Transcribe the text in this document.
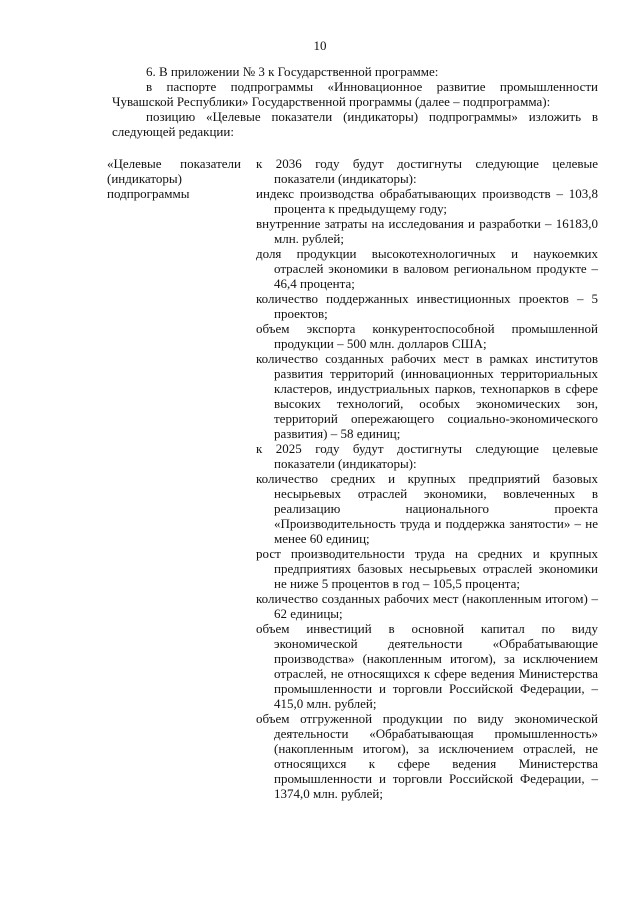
10

6. В приложении № 3 к Государственной программе:

в паспорте подпрограммы «Инновационное развитие промышленности Чувашской Республики» Государственной программы (далее – подпрограмма):

позицию «Целевые показатели (индикаторы) подпрограммы» изложить в следующей редакции:

«Целевые показатели (индикаторы) подпрограммы

к 2036 году будут достигнуты следующие целевые показатели (индикаторы):

индекс производства обрабатывающих производств – 103,8 процента к предыдущему году;

внутренние затраты на исследования и разработки – 16183,0 млн. рублей;

доля продукции высокотехнологичных и наукоемких отраслей экономики в валовом региональном продукте – 46,4 процента;

количество поддержанных инвестиционных проектов – 5 проектов;

объем экспорта конкурентоспособной промышленной продукции – 500 млн. долларов США;

количество созданных рабочих мест в рамках институтов развития территорий (инновационных территориальных кластеров, индустриальных парков, технопарков в сфере высоких технологий, особых экономических зон, территорий опережающего социально-экономического развития) – 58 единиц;

к 2025 году будут достигнуты следующие целевые показатели (индикаторы):

количество средних и крупных предприятий базовых несырьевых отраслей экономики, вовлеченных в реализацию национального проекта «Производительность труда и поддержка занятости» – не менее 60 единиц;

рост производительности труда на средних и крупных предприятиях базовых несырьевых отраслей экономики не ниже 5 процентов в год – 105,5 процента;

количество созданных рабочих мест (накопленным итогом) – 62 единицы;

объем инвестиций в основной капитал по виду экономической деятельности «Обрабатывающие производства» (накопленным итогом), за исключением отраслей, не относящихся к сфере ведения Министерства промышленности и торговли Российской Федерации, – 415,0 млн. рублей;

объем отгруженной продукции по виду экономической деятельности «Обрабатывающая промышленность» (накопленным итогом), за исключением отраслей, не относящихся к сфере ведения Министерства промышленности и торговли Российской Федерации, – 1374,0 млн. рублей;
